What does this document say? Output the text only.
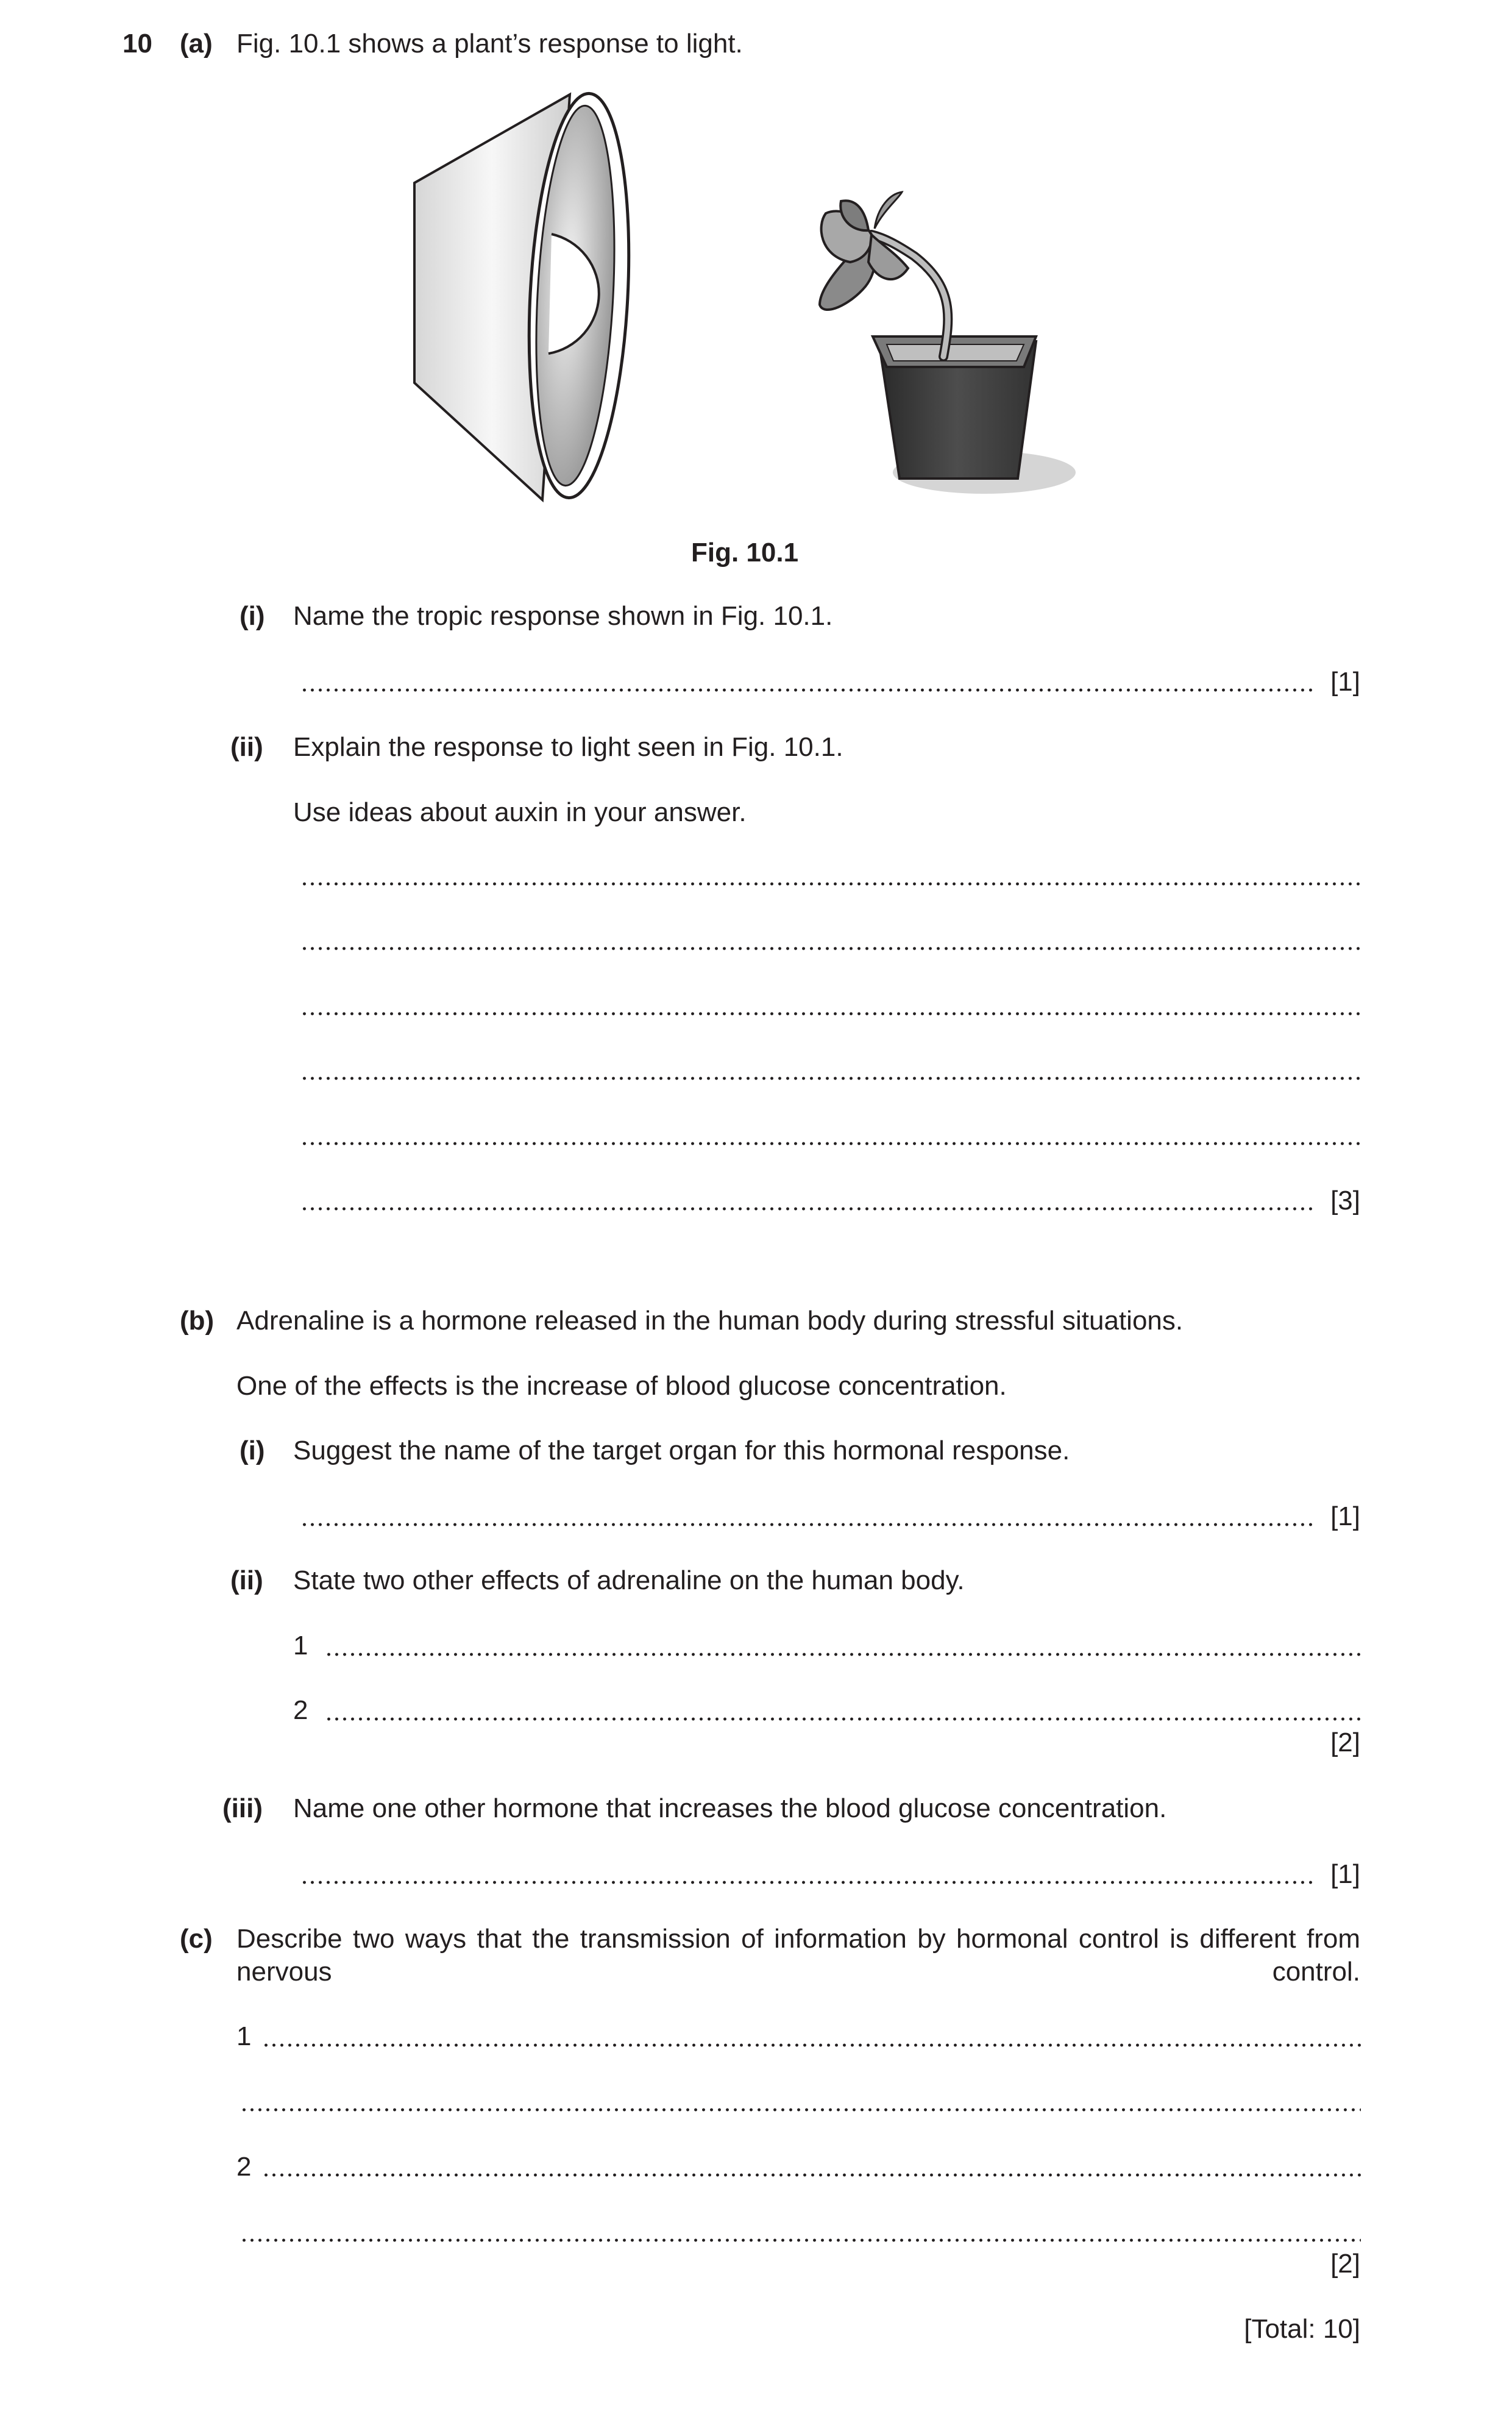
10 (a) Fig. 10.1 shows a plant’s response to light.
Fig. 10.1
(i) Name the tropic response shown in Fig. 10.1.
[1]
(ii) Explain the response to light seen in Fig. 10.1.
Use ideas about auxin in your answer.
[3]
(b) Adrenaline is a hormone released in the human body during stressful situations.
One of the effects is the increase of blood glucose concentration.
(i) Suggest the name of the target organ for this hormonal response.
[1]
(ii) State two other effects of adrenaline on the human body.
1
2
[2]
(iii) Name one other hormone that increases the blood glucose concentration.
[1]
(c) Describe two ways that the transmission of information by hormonal control is different from nervous control.
1
2
[2]
[Total: 10]
